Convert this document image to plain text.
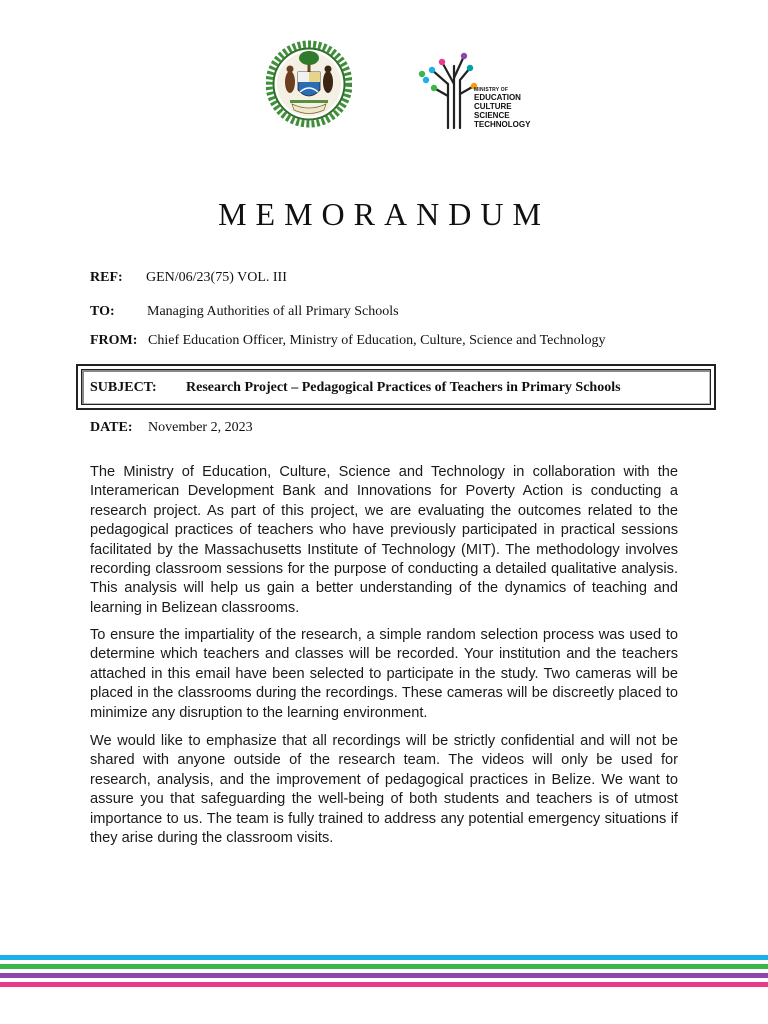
MINISTRY OF
EDUCATION
CULTURE
SCIENCE
TECHNOLOGY
MEMORANDUM
REF: GEN/06/23(75) VOL. III
TO: Managing Authorities of all Primary Schools
FROM: Chief Education Officer, Ministry of Education, Culture, Science and Technology
SUBJECT: Research Project – Pedagogical Practices of Teachers in Primary Schools
DATE: November 2, 2023
The Ministry of Education, Culture, Science and Technology in collaboration with the Interamerican Development Bank and Innovations for Poverty Action is conducting a research project. As part of this project, we are evaluating the outcomes related to the pedagogical practices of teachers who have previously participated in practical sessions facilitated by the Massachusetts Institute of Technology (MIT). The methodology involves recording classroom sessions for the purpose of conducting a detailed qualitative analysis. This analysis will help us gain a better understanding of the dynamics of teaching and learning in Belizean classrooms.
To ensure the impartiality of the research, a simple random selection process was used to determine which teachers and classes will be recorded. Your institution and the teachers attached in this email have been selected to participate in the study. Two cameras will be placed in the classrooms during the recordings. These cameras will be discreetly placed to minimize any disruption to the learning environment.
We would like to emphasize that all recordings will be strictly confidential and will not be shared with anyone outside of the research team. The videos will only be used for research, analysis, and the improvement of pedagogical practices in Belize. We want to assure you that safeguarding the well-being of both students and teachers is of utmost importance to us. The team is fully trained to address any potential emergency situations if they arise during the classroom visits.
